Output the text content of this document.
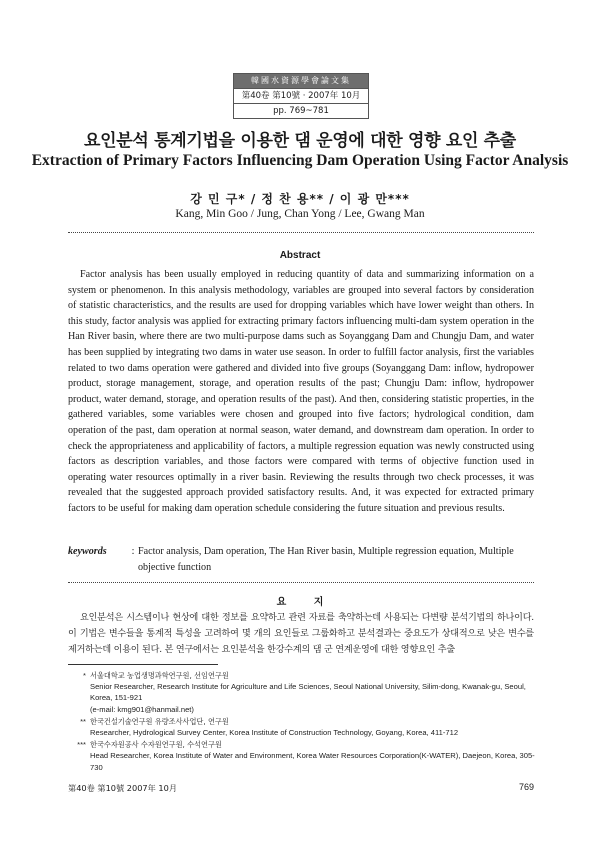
韓國水資源學會論文集
第40卷 第10號 · 2007年 10月
pp. 769~781
요인분석 통계기법을 이용한 댐 운영에 대한 영향 요인 추출
Extraction of Primary Factors Influencing Dam Operation Using Factor Analysis
강 민 구* / 정 찬 용** / 이 광 만***
Kang, Min Goo / Jung, Chan Yong / Lee, Gwang Man
Abstract
Factor analysis has been usually employed in reducing quantity of data and summarizing information on a system or phenomenon. In this analysis methodology, variables are grouped into several factors by consideration of statistic characteristics, and the results are used for dropping variables which have lower weight than others. In this study, factor analysis was applied for extracting primary factors influencing multi-dam system operation in the Han River basin, where there are two multi-purpose dams such as Soyanggang Dam and Chungju Dam, and water has been supplied by integrating two dams in water use season. In order to fulfill factor analysis, first the variables related to two dams operation were gathered and divided into five groups (Soyanggang Dam: inflow, hydropower product, storage management, storage, and operation results of the past; Chungju Dam: inflow, hydropower product, water demand, storage, and operation results of the past). And then, considering statistic properties, in the gathered variables, some variables were chosen and grouped into five factors; hydrological condition, dam operation of the past, dam operation at normal season, water demand, and downstream dam operation. In order to check the appropriateness and applicability of factors, a multiple regression equation was newly constructed using factors as description variables, and those factors were compared with terms of objective function used in operating water resources optimally in a river basin. Reviewing the results through two check processes, it was revealed that the suggested approach provided satisfactory results. And, it was expected for extracted primary factors to be useful for making dam operation schedule considering the future situation and previous results.
keywords	: Factor analysis, Dam operation, The Han River basin, Multiple regression equation, Multiple objective function
요 지
요인분석은 시스템이나 현상에 대한 정보를 요약하고 관련 자료를 축약하는데 사용되는 다변량 분석기법의 하나이다. 이 기법은 변수들을 통계적 특성을 고려하여 몇 개의 요인들로 그룹화하고 분석결과는 중요도가 상대적으로 낮은 변수를 제거하는데 이용이 된다. 본 연구에서는 요인분석을 한강수계의 댐 군 연계운영에 대한 영향요인 추출
* 서울대학교 농업생명과학연구원, 선임연구원
Senior Researcher, Research Institute for Agriculture and Life Sciences, Seoul National University, Silim-dong, Kwanak-gu, Seoul, Korea, 151-921
(e-mail: kmg901@hanmail.net)
** 한국건설기술연구원 유량조사사업단, 연구원
Researcher, Hydrological Survey Center, Korea Institute of Construction Technology, Goyang, Korea, 411-712
*** 한국수자원공사 수자원연구원, 수석연구원
Head Researcher, Korea Institute of Water and Environment, Korea Water Resources Corporation(K-WATER), Daejeon, Korea, 305-730
第40卷 第10號 2007年 10月	769
